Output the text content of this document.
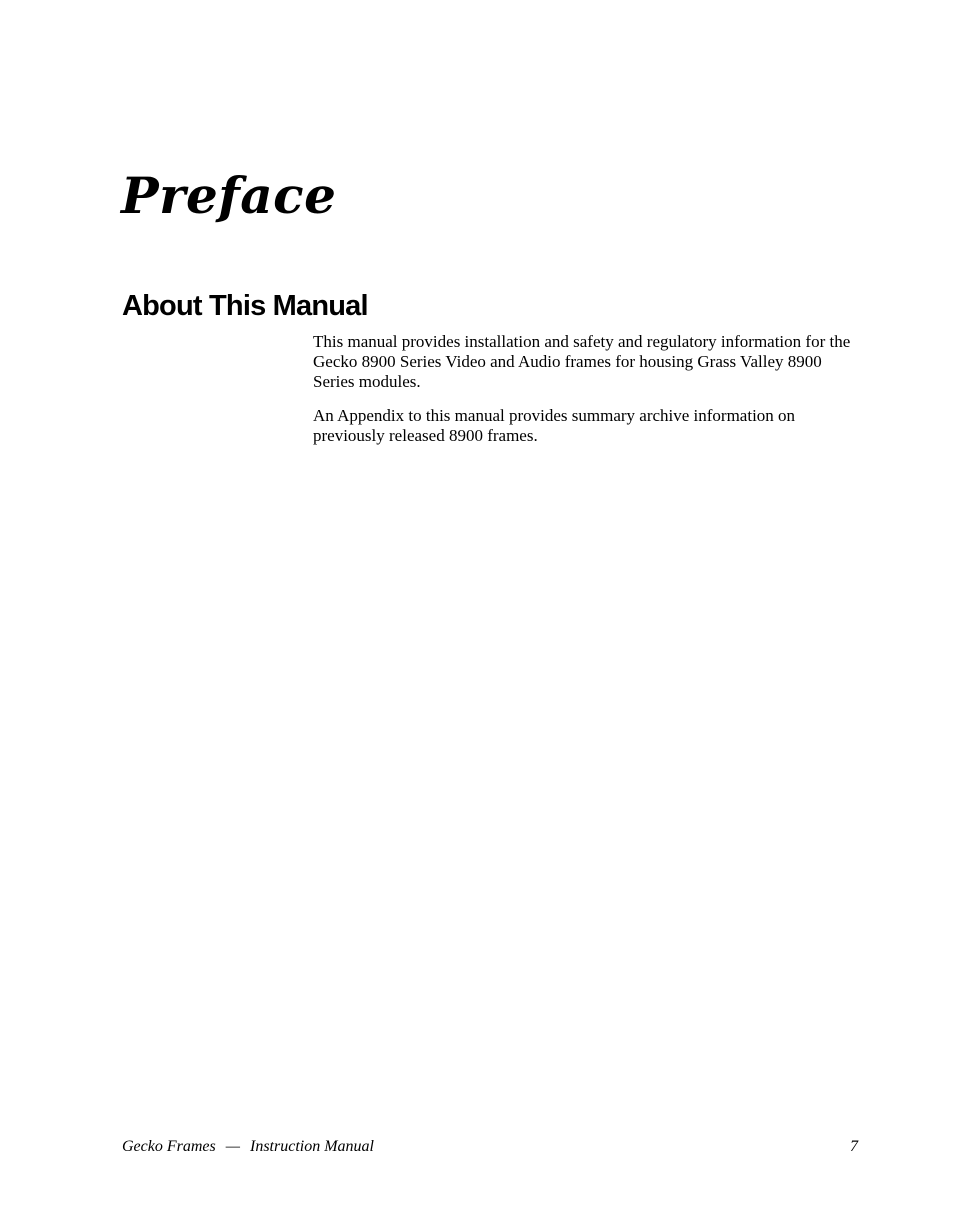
Preface
About This Manual

This manual provides installation and safety and regulatory information for the Gecko 8900 Series Video and Audio frames for housing Grass Valley 8900 Series modules.

An Appendix to this manual provides summary archive information on previously released 8900 frames.

Gecko Frames — Instruction Manual	7
